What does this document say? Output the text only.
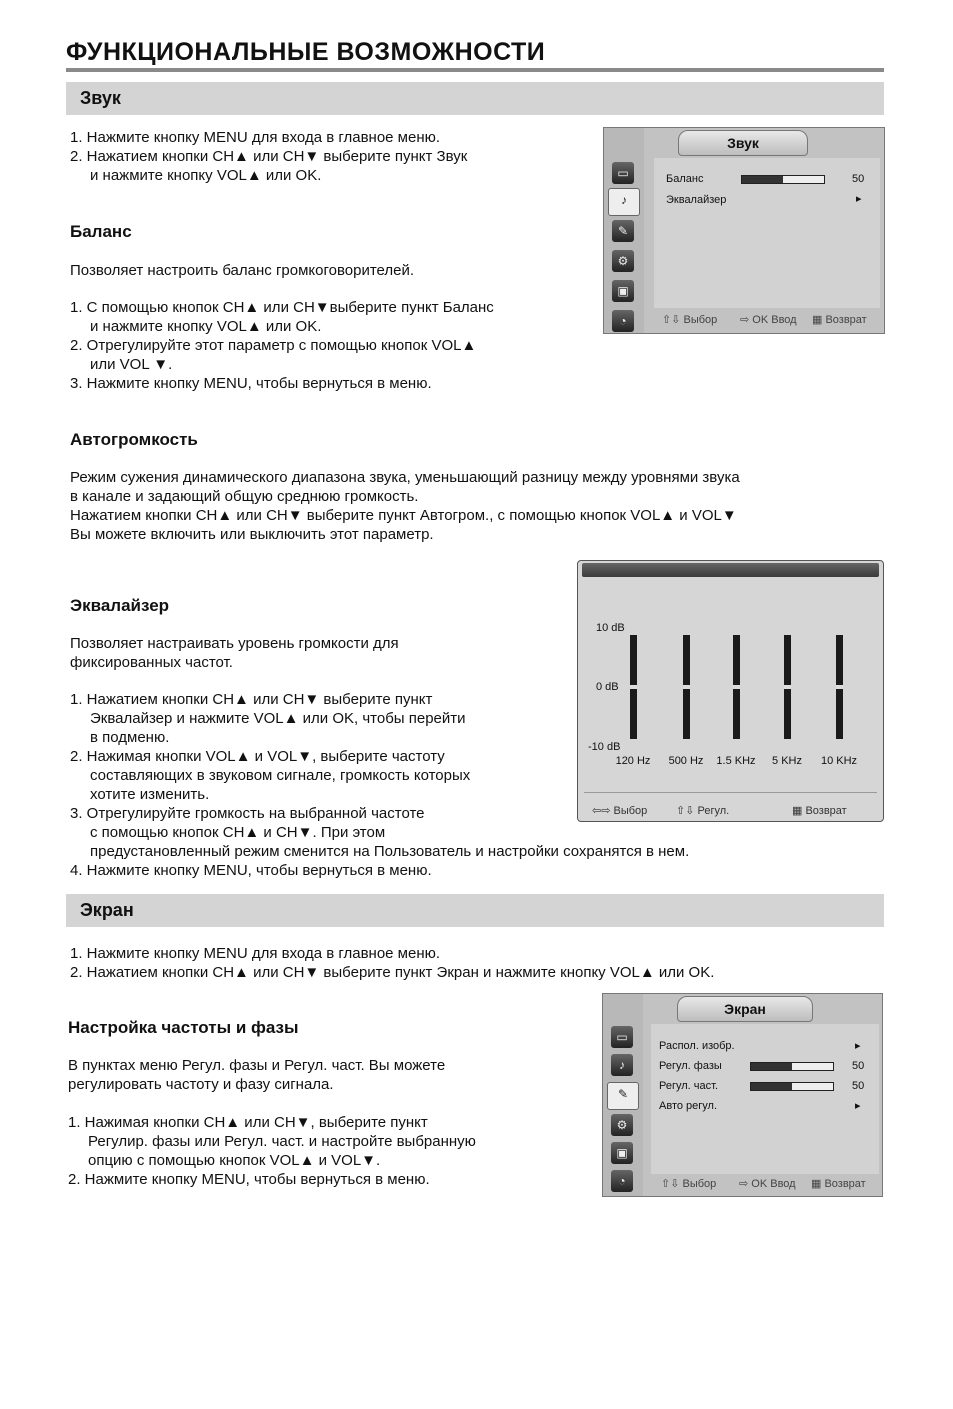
ФУНКЦИОНАЛЬНЫЕ ВОЗМОЖНОСТИ
Звук
1. Нажмите кнопку MENU для входа в главное меню.
2. Нажатием кнопки CH▲ или CH▼ выберите пункт Звук
и нажмите кнопку VOL▲ или OK.	▭
♪
✎
⚙
▣
◔
Звук
Баланс	50
Эквалайзер	▸
⇧⇩ Выбор ⇨ OK Ввод ▦ Возврат
Баланс
Позволяет настроить баланс громкоговорителей.
1. С помощью кнопок CH▲ или CH▼выберите пункт Баланс
и нажмите кнопку VOL▲ или OK.
2. Отрегулируйте этот параметр с помощью кнопок VOL▲
или VOL ▼.
3. Нажмите кнопку MENU, чтобы вернуться в меню.
Автогромкость
Режим сужения динамического диапазона звука, уменьшающий разницу между уровнями звука
в канале и задающий общую среднюю громкость.
Нажатием кнопки CH▲ или CH▼ выберите пункт Автогром., с помощью кнопок VOL▲ и VOL▼
Вы можете включить или выключить этот параметр.
Эквалайзер
Позволяет настраивать уровень громкости для
фиксированных частот.
1. Нажатием кнопки CH▲ или CH▼ выберите пункт
Эквалайзер и нажмите VOL▲ или OK, чтобы перейти
в подменю.
2. Нажимая кнопки VOL▲ и VOL▼, выберите частоту
составляющих в звуковом сигнале, громкость которых
хотите изменить.
3. Отрегулируйте громкость на выбранной частоте
с помощью кнопок CH▲ и CH▼. При этом
предустановленный режим сменится на Пользователь и настройки сохранятся в нем.
4. Нажмите кнопку MENU, чтобы вернуться в меню.
10 dB
0 dB
-10 dB
120 Hz 500 Hz 1.5 KHz 5 KHz 10 KHz
⇦⇨ Выбор	⇧⇩ Регул.	▦ Возврат
Экран
1. Нажмите кнопку MENU для входа в главное меню.
2. Нажатием кнопки CH▲ или CH▼ выберите пункт Экран и нажмите кнопку VOL▲ или OK.
▭
♪
✎
⚙
▣
◔
Экран
Распол. изобр.	▸
Регул. фазы	50
Регул. част.	50
Авто регул.	▸
⇧⇩ Выбор ⇨ OK Ввод ▦ Возврат
Настройка частоты и фазы
В пунктах меню Регул. фазы и Регул. част. Вы можете
регулировать частоту и фазу сигнала.
1. Нажимая кнопки CH▲ или CH▼, выберите пункт
Регулир. фазы или Регул. част. и настройте выбранную
опцию с помощью кнопок VOL▲ и VOL▼.
2. Нажмите кнопку MENU, чтобы вернуться в меню.
